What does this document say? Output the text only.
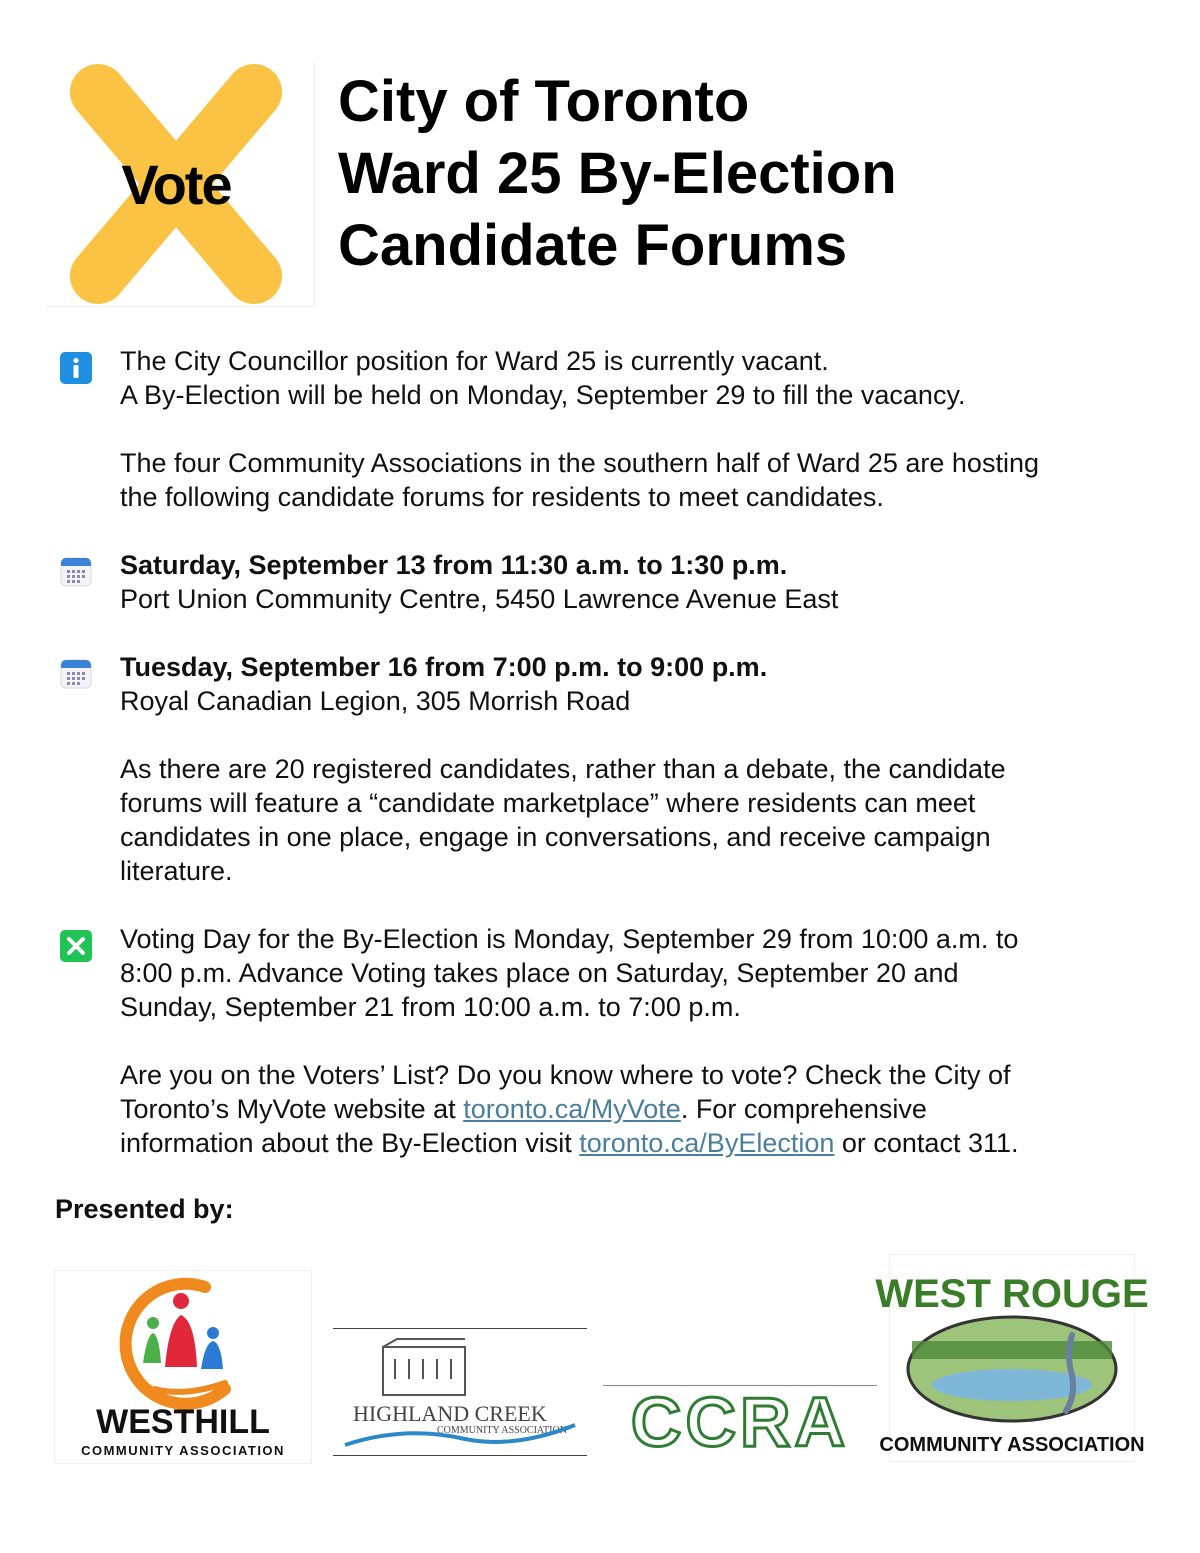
Vote
City of Toronto
Ward 25 By-Election
Candidate Forums

The City Councillor position for Ward 25 is currently vacant.

A By-Election will be held on Monday, September 29 to fill the vacancy.

The four Community Associations in the southern half of Ward 25 are hosting

the following candidate forums for residents to meet candidates.

Saturday, September 13 from 11:30 a.m. to 1:30 p.m.

Port Union Community Centre, 5450 Lawrence Avenue East

Tuesday, September 16 from 7:00 p.m. to 9:00 p.m.

Royal Canadian Legion, 305 Morrish Road

As there are 20 registered candidates, rather than a debate, the candidate

forums will feature a “candidate marketplace” where residents can meet

candidates in one place, engage in conversations, and receive campaign

literature.

Voting Day for the By-Election is Monday, September 29 from 10:00 a.m. to

8:00 p.m. Advance Voting takes place on Saturday, September 20 and

Sunday, September 21 from 10:00 a.m. to 7:00 p.m.

Are you on the Voters’ List? Do you know where to vote? Check the City of

Toronto’s MyVote website at toronto.ca/MyVote. For comprehensive

information about the By-Election visit toronto.ca/ByElection or contact 311.

Presented by:
WESTHILL
COMMUNITY ASSOCIATION
HIGHLAND CREEK
COMMUNITY ASSOCIATION CCRA
WEST ROUGE
COMMUNITY ASSOCIATION
